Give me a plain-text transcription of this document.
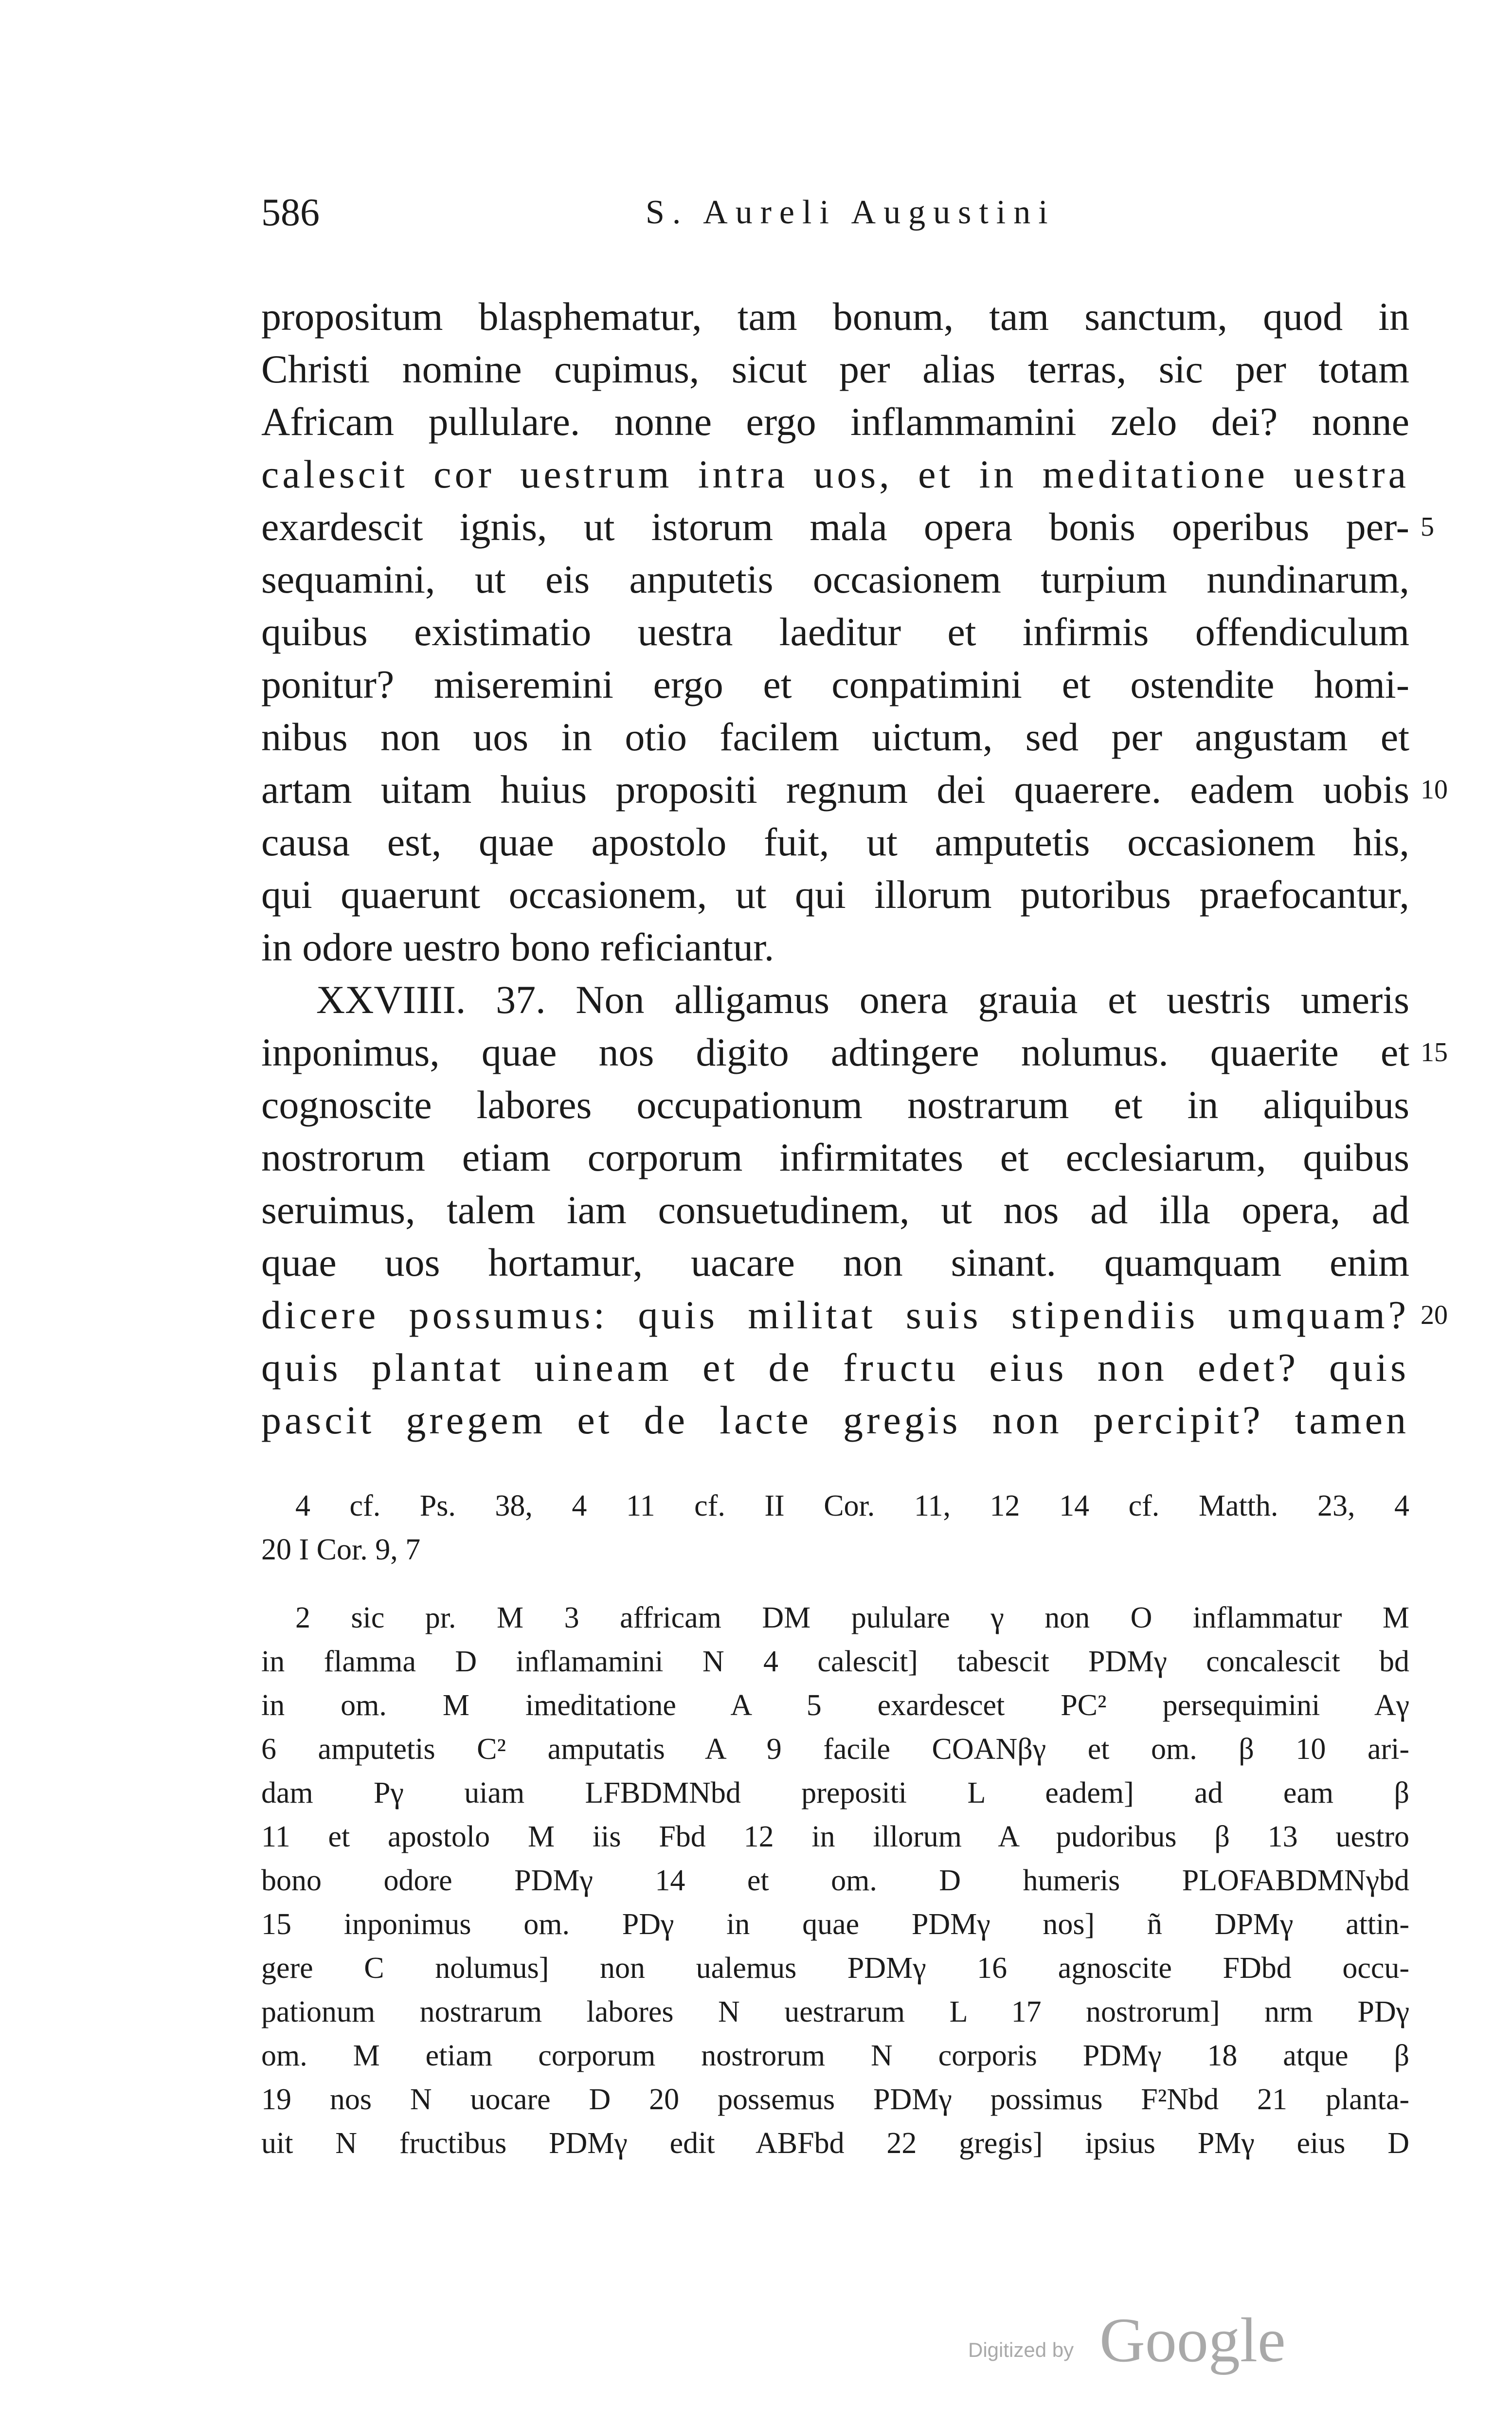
586	S. Aureli Augustini
propositum blasphematur, tam bonum, tam sanctum, quod in
Christi nomine cupimus, sicut per alias terras, sic per totam
Africam pullulare. nonne ergo inflammamini zelo dei? nonne
calescit cor uestrum intra uos, et in meditatione uestra
exardescit ignis, ut istorum mala opera bonis operibus per-
sequamini, ut eis anputetis occasionem turpium nundinarum,
quibus existimatio uestra laeditur et infirmis offendiculum
ponitur? miseremini ergo et conpatimini et ostendite homi-
nibus non uos in otio facilem uictum, sed per angustam et
artam uitam huius propositi regnum dei quaerere. eadem uobis
causa est, quae apostolo fuit, ut amputetis occasionem his,
qui quaerunt occasionem, ut qui illorum putoribus praefocantur,
in odore uestro bono reficiantur.
XXVIIII. 37. Non alligamus onera grauia et uestris umeris
inponimus, quae nos digito adtingere nolumus. quaerite et
cognoscite labores occupationum nostrarum et in aliquibus
nostrorum etiam corporum infirmitates et ecclesiarum, quibus
seruimus, talem iam consuetudinem, ut nos ad illa opera, ad
quae uos hortamur, uacare non sinant. quamquam enim
dicere possumus: quis militat suis stipendiis umquam?
quis plantat uineam et de fructu eius non edet? quis
pascit gregem et de lacte gregis non percipit? tamen
5
10
15
20
4 cf. Ps. 38, 4 11 cf. II Cor. 11, 12 14 cf. Matth. 23, 4
20 I Cor. 9, 7
2 sic pr. M 3 affricam DM pululare γ non O inflammatur M
in flamma D inflamamini N 4 calescit] tabescit PDMγ concalescit bd
in om. M imeditatione A 5 exardescet PC² persequimini Aγ
6 amputetis C² amputatis A 9 facile COANβγ et om. β 10 ari-
dam Pγ uiam LFBDMNbd prepositi L eadem] ad eam β
11 et apostolo M iis Fbd 12 in illorum A pudoribus β 13 uestro
bono odore PDMγ 14 et om. D humeris PLOFABDMNγbd
15 inponimus om. PDγ in quae PDMγ nos] ñ DPMγ attin-
gere C nolumus] non ualemus PDMγ 16 agnoscite FDbd occu-
pationum nostrarum labores N uestrarum L 17 nostrorum] nrm PDγ
om. M etiam corporum nostrorum N corporis PDMγ 18 atque β
19 nos N uocare D 20 possemus PDMγ possimus F²Nbd 21 planta-
uit N fructibus PDMγ edit ABFbd 22 gregis] ipsius PMγ eius D
Digitized by Google
